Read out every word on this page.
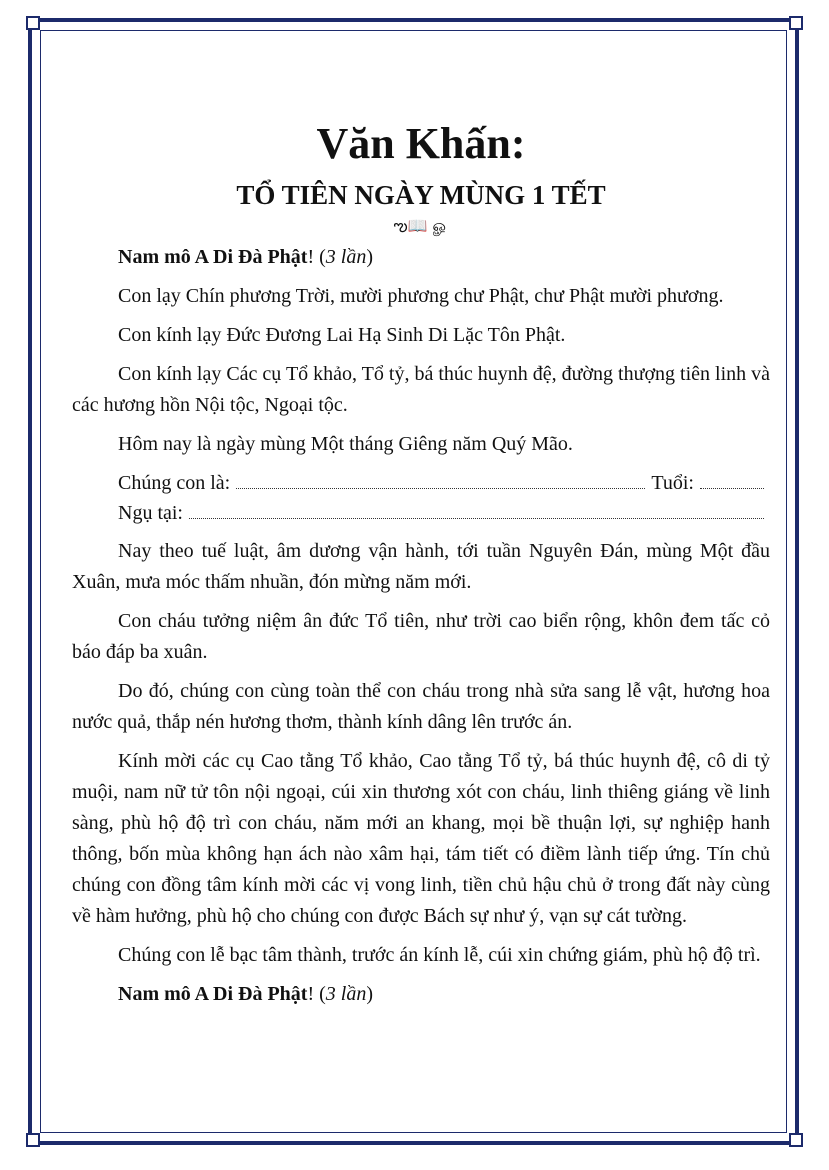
Văn Khấn:
TỔ TIÊN NGÀY MÙNG 1 TẾT
ఌ📖 ௐ

Nam mô A Di Đà Phật! (3 lần)

Con lạy Chín phương Trời, mười phương chư Phật, chư Phật mười phương.

Con kính lạy Đức Đương Lai Hạ Sinh Di Lặc Tôn Phật.

Con kính lạy Các cụ Tổ khảo, Tổ tỷ, bá thúc huynh đệ, đường thượng tiên linh và các hương hồn Nội tộc, Ngoại tộc.

Hôm nay là ngày mùng Một tháng Giêng năm Quý Mão.

Chúng con là:	Tuổi:
Ngụ tại:

Nay theo tuế luật, âm dương vận hành, tới tuần Nguyên Đán, mùng Một đầu Xuân, mưa móc thấm nhuần, đón mừng năm mới.

Con cháu tưởng niệm ân đức Tổ tiên, như trời cao biển rộng, khôn đem tấc cỏ báo đáp ba xuân.

Do đó, chúng con cùng toàn thể con cháu trong nhà sửa sang lễ vật, hương hoa nước quả, thắp nén hương thơm, thành kính dâng lên trước án.

Kính mời các cụ Cao tằng Tổ khảo, Cao tằng Tổ tỷ, bá thúc huynh đệ, cô di tỷ muội, nam nữ tử tôn nội ngoại, cúi xin thương xót con cháu, linh thiêng giáng về linh sàng, phù hộ độ trì con cháu, năm mới an khang, mọi bề thuận lợi, sự nghiệp hanh thông, bốn mùa không hạn ách nào xâm hại, tám tiết có điềm lành tiếp ứng. Tín chủ chúng con đồng tâm kính mời các vị vong linh, tiền chủ hậu chủ ở trong đất này cùng về hàm hưởng, phù hộ cho chúng con được Bách sự như ý, vạn sự cát tường.

Chúng con lễ bạc tâm thành, trước án kính lễ, cúi xin chứng giám, phù hộ độ trì.

Nam mô A Di Đà Phật! (3 lần)
